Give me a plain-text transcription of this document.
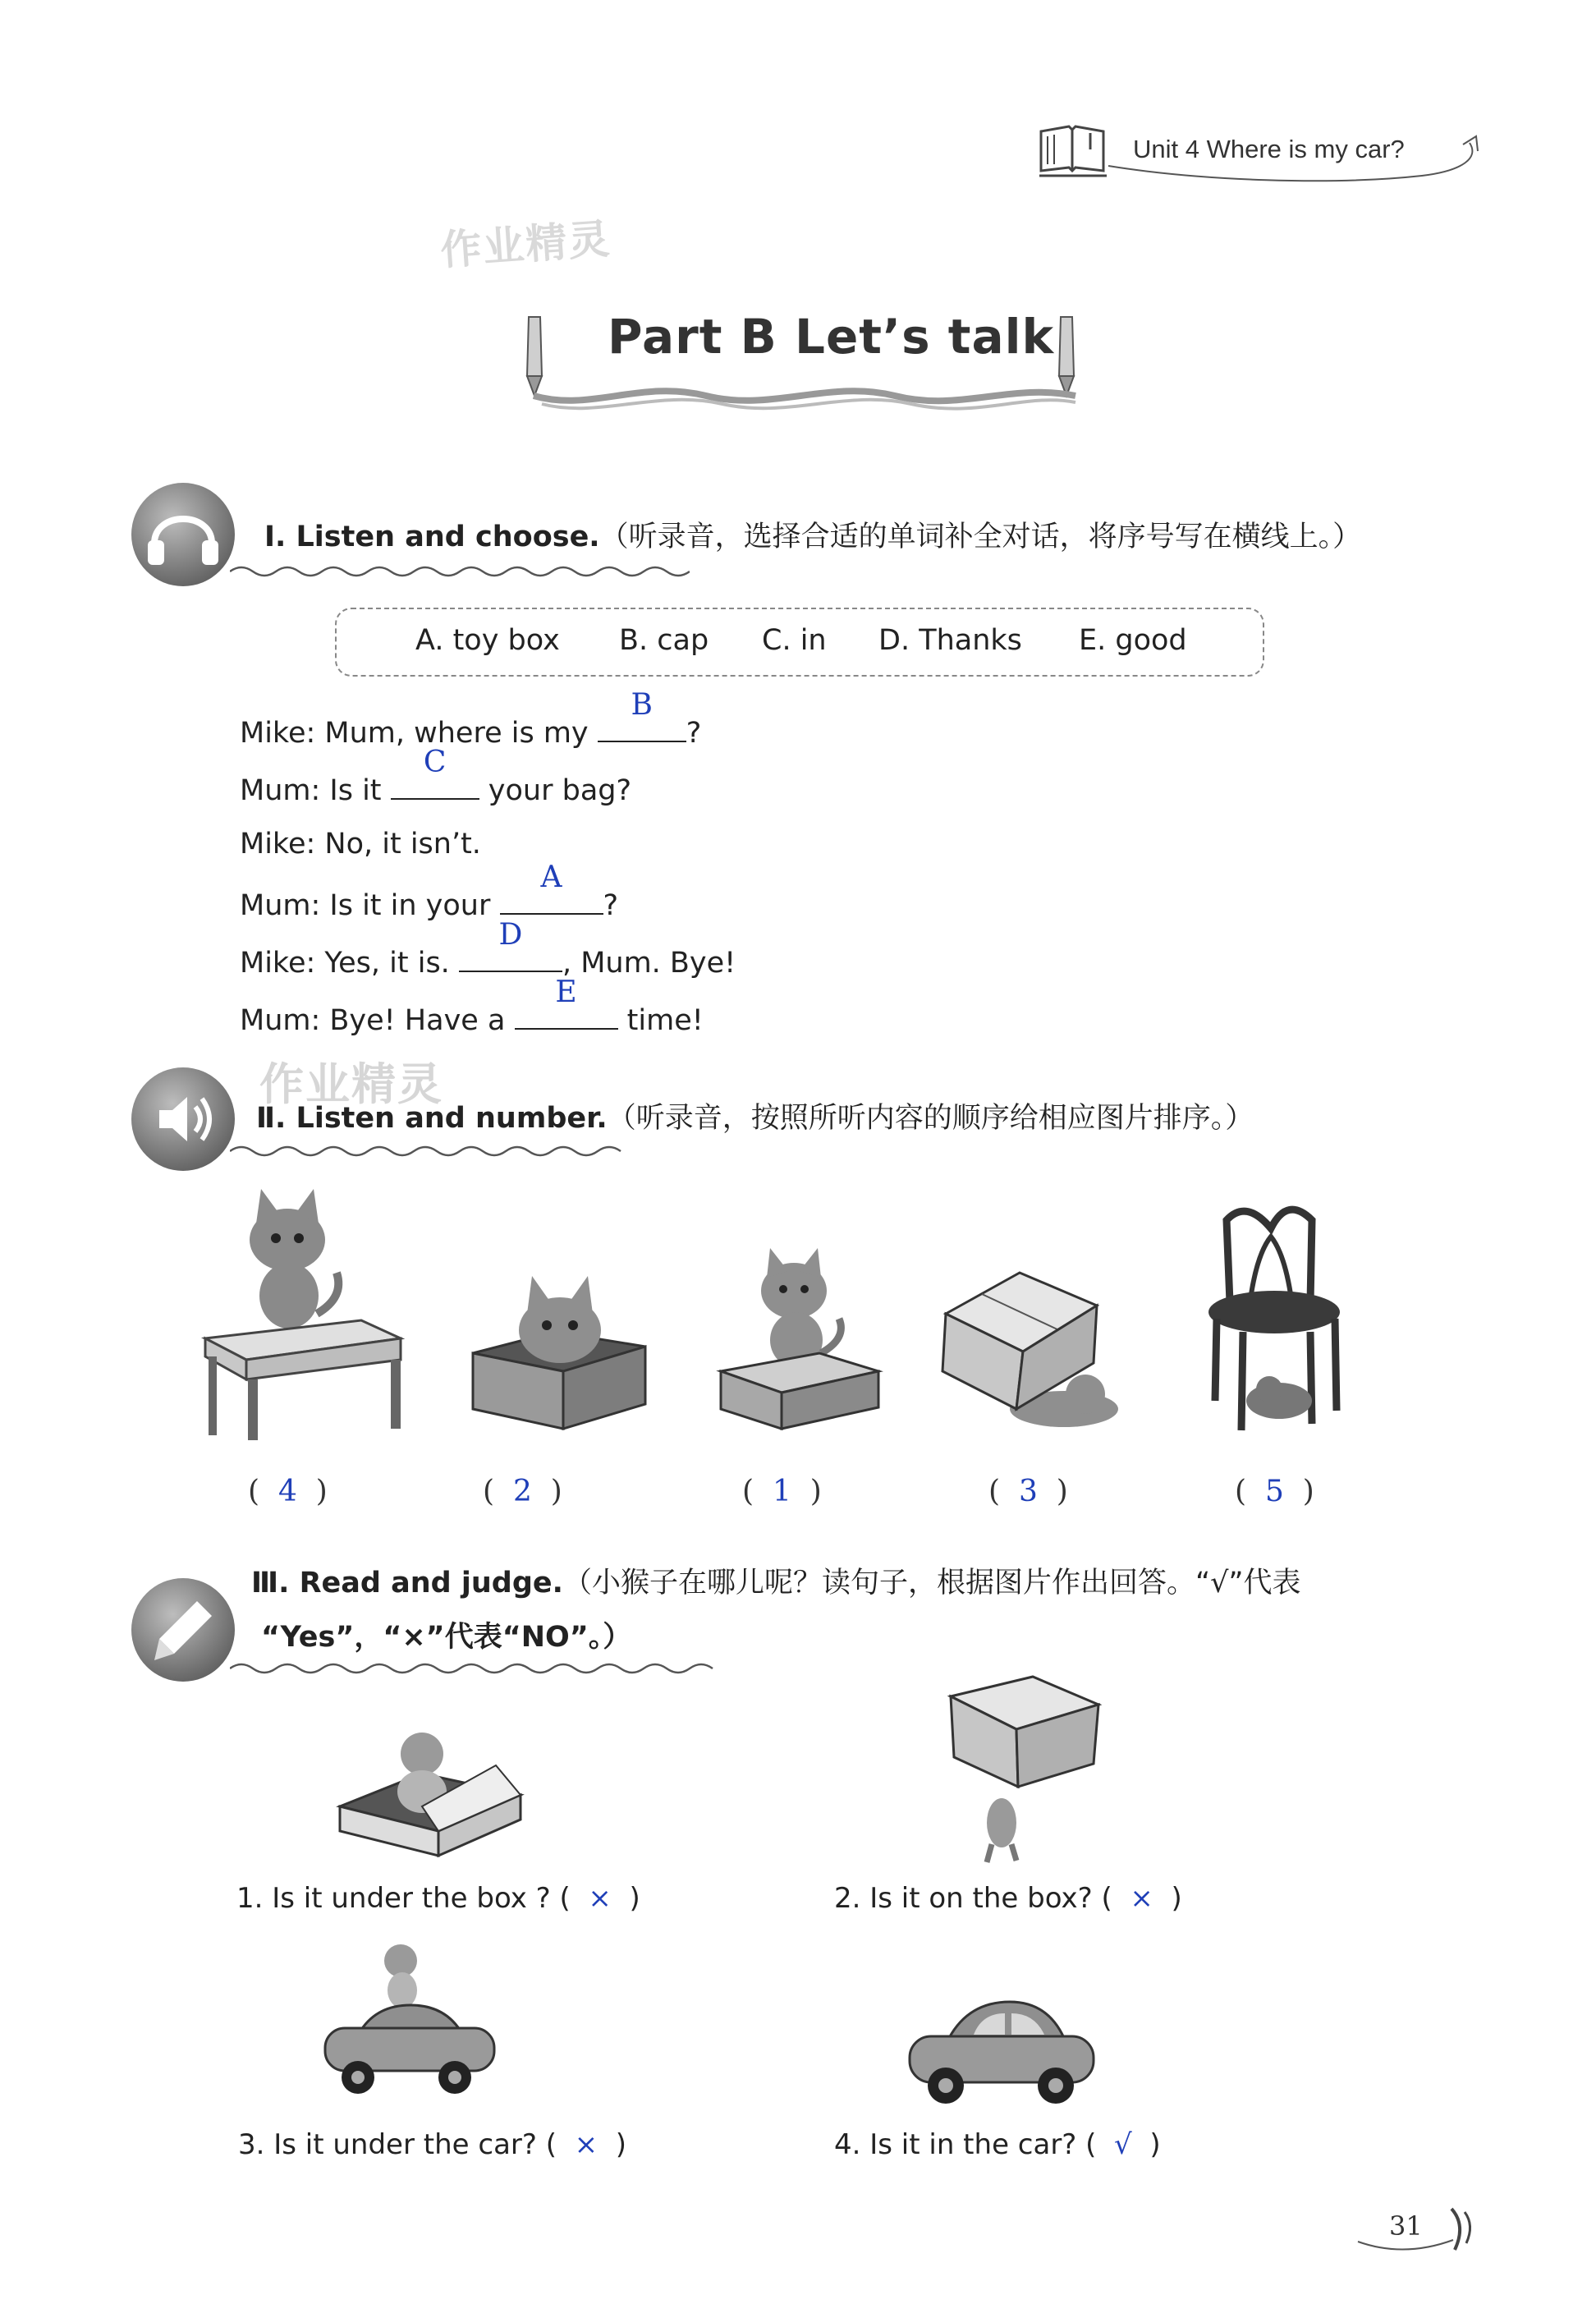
Unit 4 Where is my car?
作业精灵
Part B Let’s talk
Ⅰ. Listen and choose.（听录音，选择合适的单词补全对话，将序号写在横线上。）
A. toy box B. cap C. in D. Thanks E. good
Mike: Mum, where is my
B
?
Mum: Is it
C
your bag?
Mike: No, it isn’t.
Mum: Is it in your
A
?
Mike: Yes, it is.
D
, Mum. Bye!
Mum: Bye! Have a
E
time!
作业精灵
Ⅱ. Listen and number.（听录音，按照所听内容的顺序给相应图片排序。）
(  4  )	(  2  )	(  1  )	(  3  )	(  5  )
Ⅲ. Read and judge.（小猴子在哪儿呢？读句子，根据图片作出回答。“√”代表
“Yes”，“×”代表“NO”。）
1. Is it under the box ? (  ×  )	2. Is it on the box? (  ×  )
3. Is it under the car? (  ×  )	4. Is it in the car? (  √  )
31
